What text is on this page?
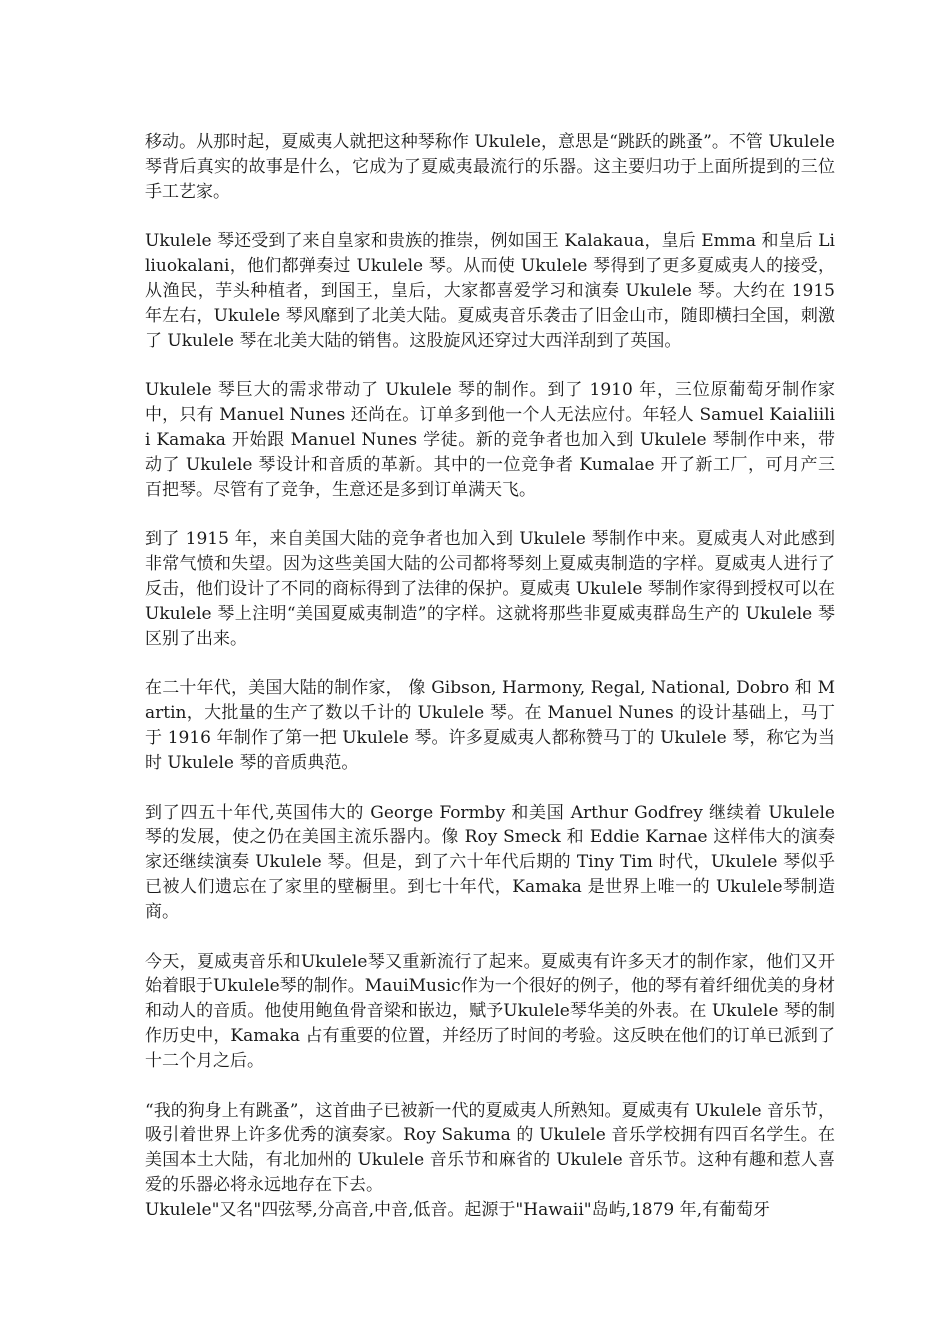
移动。从那时起，夏威夷人就把这种琴称作 Ukulele，意思是“跳跃的跳蚤”。不管 Ukulele 琴背后真实的故事是什么，它成为了夏威夷最流行的乐器。这主要归功于上面所提到的三位手工艺家。

Ukulele 琴还受到了来自皇家和贵族的推崇，例如国王 Kalakaua，皇后 Emma 和皇后 Liliuokalani，他们都弹奏过 Ukulele 琴。从而使 Ukulele 琴得到了更多夏威夷人的接受，从渔民，芋头种植者，到国王，皇后，大家都喜爱学习和演奏 Ukulele 琴。大约在 1915 年左右，Ukulele 琴风靡到了北美大陆。夏威夷音乐袭击了旧金山市，随即横扫全国，刺激了 Ukulele 琴在北美大陆的销售。这股旋风还穿过大西洋刮到了英国。

Ukulele 琴巨大的需求带动了 Ukulele 琴的制作。到了 1910 年，三位原葡萄牙制作家中，只有 Manuel Nunes 还尚在。订单多到他一个人无法应付。年轻人 Samuel Kaialiilii Kamaka 开始跟 Manuel Nunes 学徒。新的竞争者也加入到 Ukulele 琴制作中来，带动了 Ukulele 琴设计和音质的革新。其中的一位竞争者 Kumalae 开了新工厂，可月产三百把琴。尽管有了竞争，生意还是多到订单满天飞。

到了 1915 年，来自美国大陆的竞争者也加入到 Ukulele 琴制作中来。夏威夷人对此感到非常气愤和失望。因为这些美国大陆的公司都将琴刻上夏威夷制造的字样。夏威夷人进行了反击，他们设计了不同的商标得到了法律的保护。夏威夷 Ukulele 琴制作家得到授权可以在 Ukulele 琴上注明“美国夏威夷制造”的字样。这就将那些非夏威夷群岛生产的 Ukulele 琴区别了出来。

在二十年代，美国大陆的制作家， 像 Gibson, Harmony, Regal, National, Dobro 和 Martin，大批量的生产了数以千计的 Ukulele 琴。在 Manuel Nunes 的设计基础上，马丁于 1916 年制作了第一把 Ukulele 琴。许多夏威夷人都称赞马丁的 Ukulele 琴，称它为当时 Ukulele 琴的音质典范。

到了四五十年代,英国伟大的 George Formby 和美国 Arthur Godfrey 继续着 Ukulele 琴的发展，使之仍在美国主流乐器内。像 Roy Smeck 和 Eddie Karnae 这样伟大的演奏家还继续演奏 Ukulele 琴。但是，到了六十年代后期的 Tiny Tim 时代，Ukulele 琴似乎已被人们遗忘在了家里的壁橱里。到七十年代，Kamaka 是世界上唯一的 Ukulele琴制造商。

今天，夏威夷音乐和Ukulele琴又重新流行了起来。夏威夷有许多天才的制作家，他们又开始着眼于Ukulele琴的制作。MauiMusic作为一个很好的例子，他的琴有着纤细优美的身材和动人的音质。他使用鲍鱼骨音梁和嵌边，赋予Ukulele琴华美的外表。在 Ukulele 琴的制作历史中，Kamaka 占有重要的位置，并经历了时间的考验。这反映在他们的订单已派到了十二个月之后。

“我的狗身上有跳蚤”，这首曲子已被新一代的夏威夷人所熟知。夏威夷有 Ukulele 音乐节，吸引着世界上许多优秀的演奏家。Roy Sakuma 的 Ukulele 音乐学校拥有四百名学生。在美国本土大陆，有北加州的 Ukulele 音乐节和麻省的 Ukulele 音乐节。这种有趣和惹人喜爱的乐器必将永远地存在下去。

Ukulele"又名"四弦琴,分高音,中音,低音。起源于"Hawaii"岛屿,1879 年,有葡萄牙
